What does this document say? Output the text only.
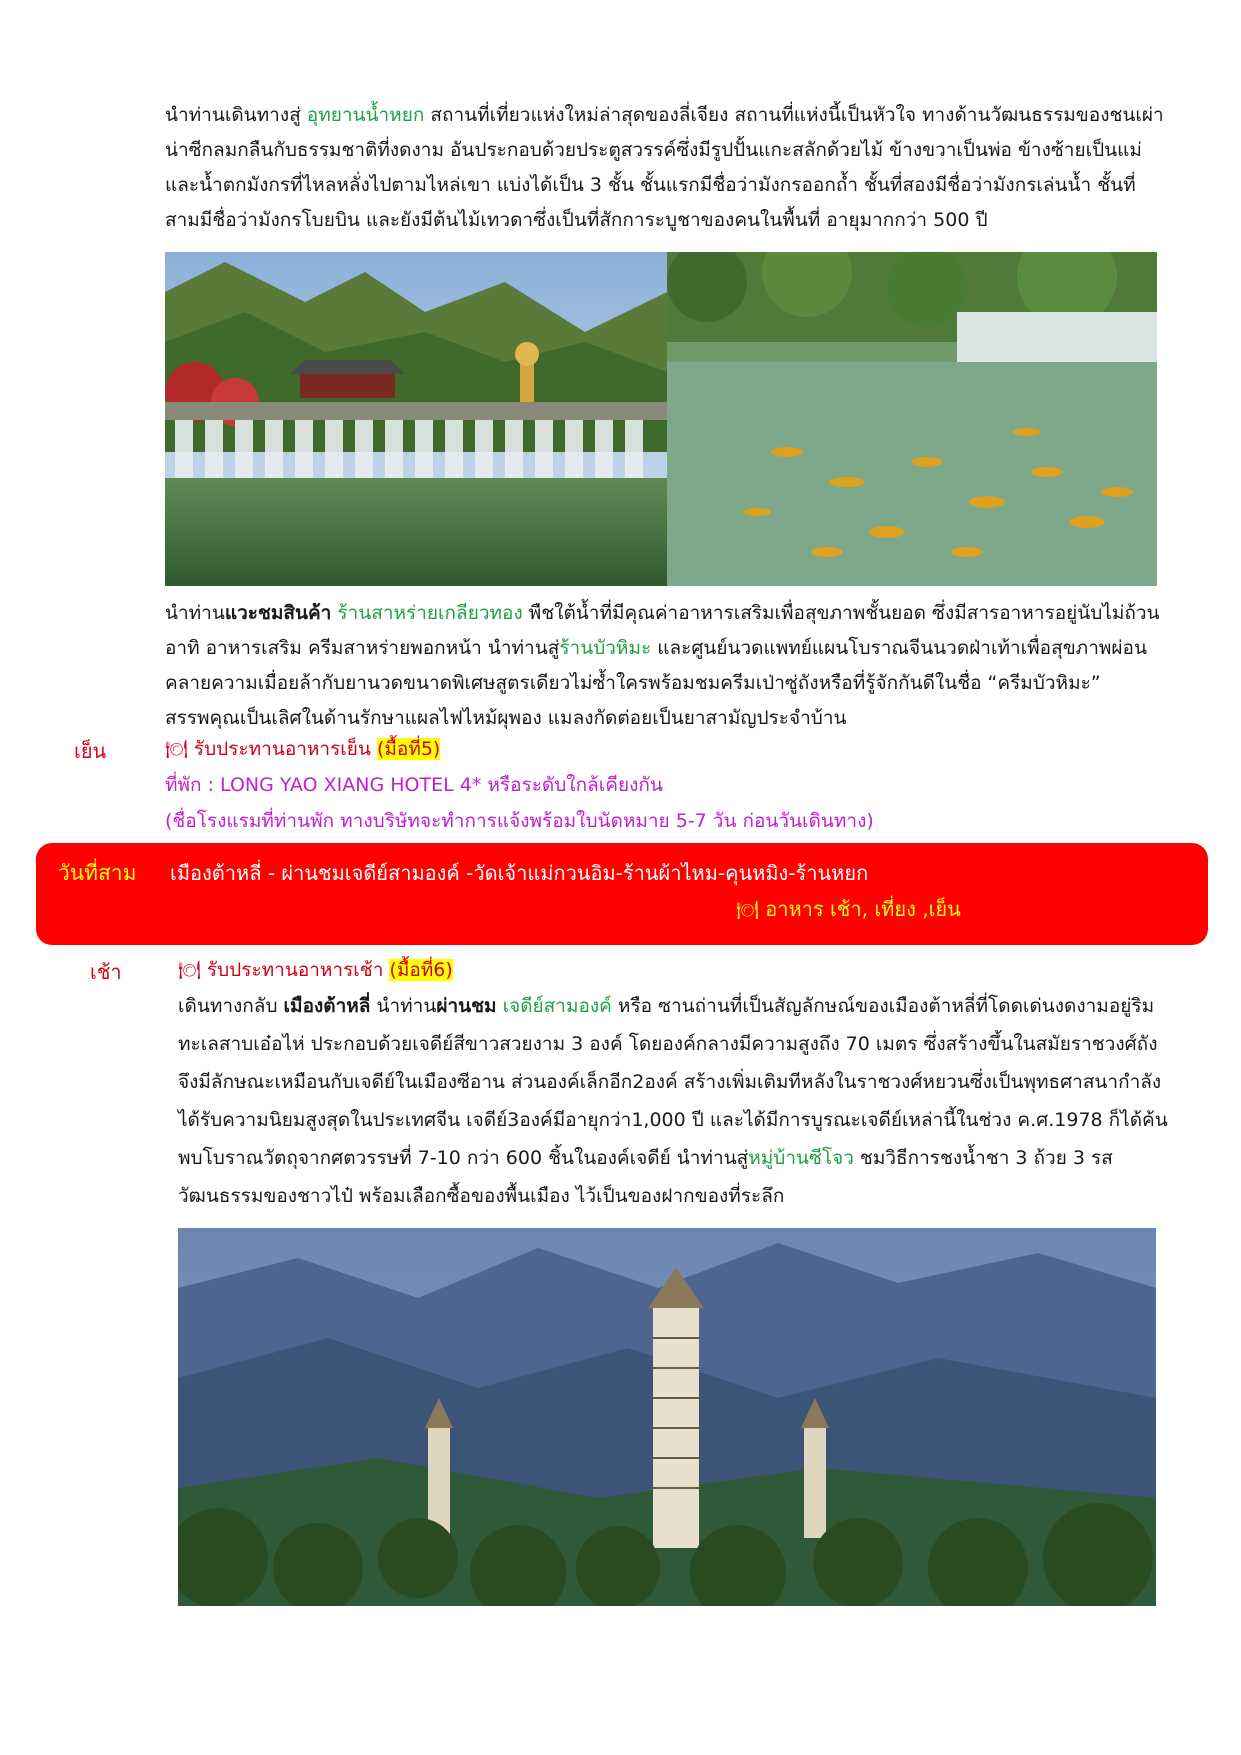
นำท่านเดินทางสู่ อุทยานน้ำหยก สถานที่เที่ยวแห่งใหม่ล่าสุดของลี่เจียง สถานที่แห่งนี้เป็นหัวใจ ทางด้านวัฒนธรรมของชนเผ่าน่าซีกลมกลืนกับธรรมชาติที่งดงาม อันประกอบด้วยประตูสวรรค์ซึ่งมีรูปปั้นแกะสลักด้วยไม้ ข้างขวาเป็นพ่อ ข้างซ้ายเป็นแม่ และน้ำตกมังกรที่ไหลหลั่งไปตามไหล่เขา แบ่งได้เป็น 3 ชั้น ชั้นแรกมีชื่อว่ามังกรออกถ้ำ ชั้นที่สองมีชื่อว่ามังกรเล่นน้ำ ชั้นที่สามมีชื่อว่ามังกรโบยบิน และยังมีต้นไม้เทวดาซึ่งเป็นที่สักการะบูชาของคนในพื้นที่ อายุมากกว่า 500 ปี

นำท่านแวะชมสินค้า ร้านสาหร่ายเกลียวทอง พืชใต้น้ำที่มีคุณค่าอาหารเสริมเพื่อสุขภาพชั้นยอด ซึ่งมีสารอาหารอยู่นับไม่ถ้วน อาทิ อาหารเสริม ครีมสาหร่ายพอกหน้า นำท่านสู่ร้านบัวหิมะ และศูนย์นวดแพทย์แผนโบราณจีนนวดฝ่าเท้าเพื่อสุขภาพผ่อนคลายความเมื่อยล้ากับยานวดขนาดพิเศษสูตรเดียวไม่ซ้ำใครพร้อมชมครีมเป่าซู่ถังหรือที่รู้จักกันดีในชื่อ “ครีมบัวหิมะ” สรรพคุณเป็นเลิศในด้านรักษาแผลไฟไหม้ผุพอง แมลงกัดต่อยเป็นยาสามัญประจำบ้าน

เย็น	🍽 รับประทานอาหารเย็น (มื้อที่5)
ที่พัก : LONG YAO XIANG HOTEL 4* หรือระดับใกล้เคียงกัน
(ชื่อโรงแรมที่ท่านพัก ทางบริษัทจะทำการแจ้งพร้อมใบนัดหมาย 5-7 วัน ก่อนวันเดินทาง)
วันที่สาม เมืองต้าหลี่ - ผ่านชมเจดีย์สามองค์ -วัดเจ้าแม่กวนอิม-ร้านผ้าไหม-คุนหมิง-ร้านหยก
🍽 อาหาร เช้า, เที่ยง ,เย็น
เช้า	🍽 รับประทานอาหารเช้า (มื้อที่6)

เดินทางกลับ เมืองต้าหลี่ นำท่านผ่านชม เจดีย์สามองค์ หรือ ซานถ่านที่เป็นสัญลักษณ์ของเมืองต้าหลี่ที่โดดเด่นงดงามอยู่ริมทะเลสาบเอ๋อไห่ ประกอบด้วยเจดีย์สีขาวสวยงาม 3 องค์ โดยองค์กลางมีความสูงถึง 70 เมตร ซึ่งสร้างขึ้นในสมัยราชวงศ์ถัง จึงมีลักษณะเหมือนกับเจดีย์ในเมืองซีอาน ส่วนองค์เล็กอีก2องค์ สร้างเพิ่มเติมทีหลังในราชวงศ์หยวนซึ่งเป็นพุทธศาสนากำลังได้รับความนิยมสูงสุดในประเทศจีน เจดีย์3องค์มีอายุกว่า1,000 ปี และได้มีการบูรณะเจดีย์เหล่านี้ในช่วง ค.ศ.1978 ก็ได้ค้นพบโบราณวัตถุจากศตวรรษที่ 7-10 กว่า 600 ชิ้นในองค์เจดีย์ นำท่านสู่หมู่บ้านซีโจว ชมวิธีการชงน้ำชา 3 ถ้วย 3 รส วัฒนธรรมของชาวไป๋ พร้อมเลือกซื้อของพื้นเมือง ไว้เป็นของฝากของที่ระลึก
